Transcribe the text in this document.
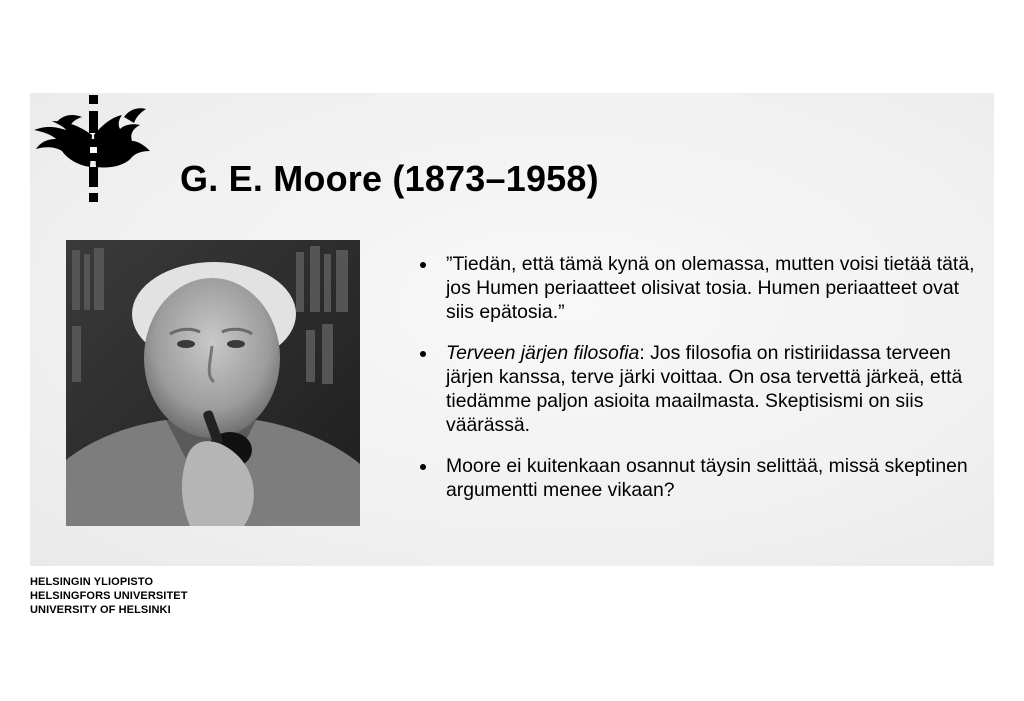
G. E. Moore (1873–1958)
”Tiedän, että tämä kynä on olemassa, mutten voisi tietää tätä, jos Humen periaatteet olisivat tosia. Humen periaatteet ovat siis epätosia.”
Terveen järjen filosofia: Jos filosofia on ristiriidassa terveen järjen kanssa, terve järki voittaa. On osa tervettä järkeä, että tiedämme paljon asioita maailmasta. Skeptisismi on siis väärässä.
Moore ei kuitenkaan osannut täysin selittää, missä skeptinen argumentti menee vikaan?
HELSINGIN YLIOPISTO
HELSINGFORS UNIVERSITET
UNIVERSITY OF HELSINKI
